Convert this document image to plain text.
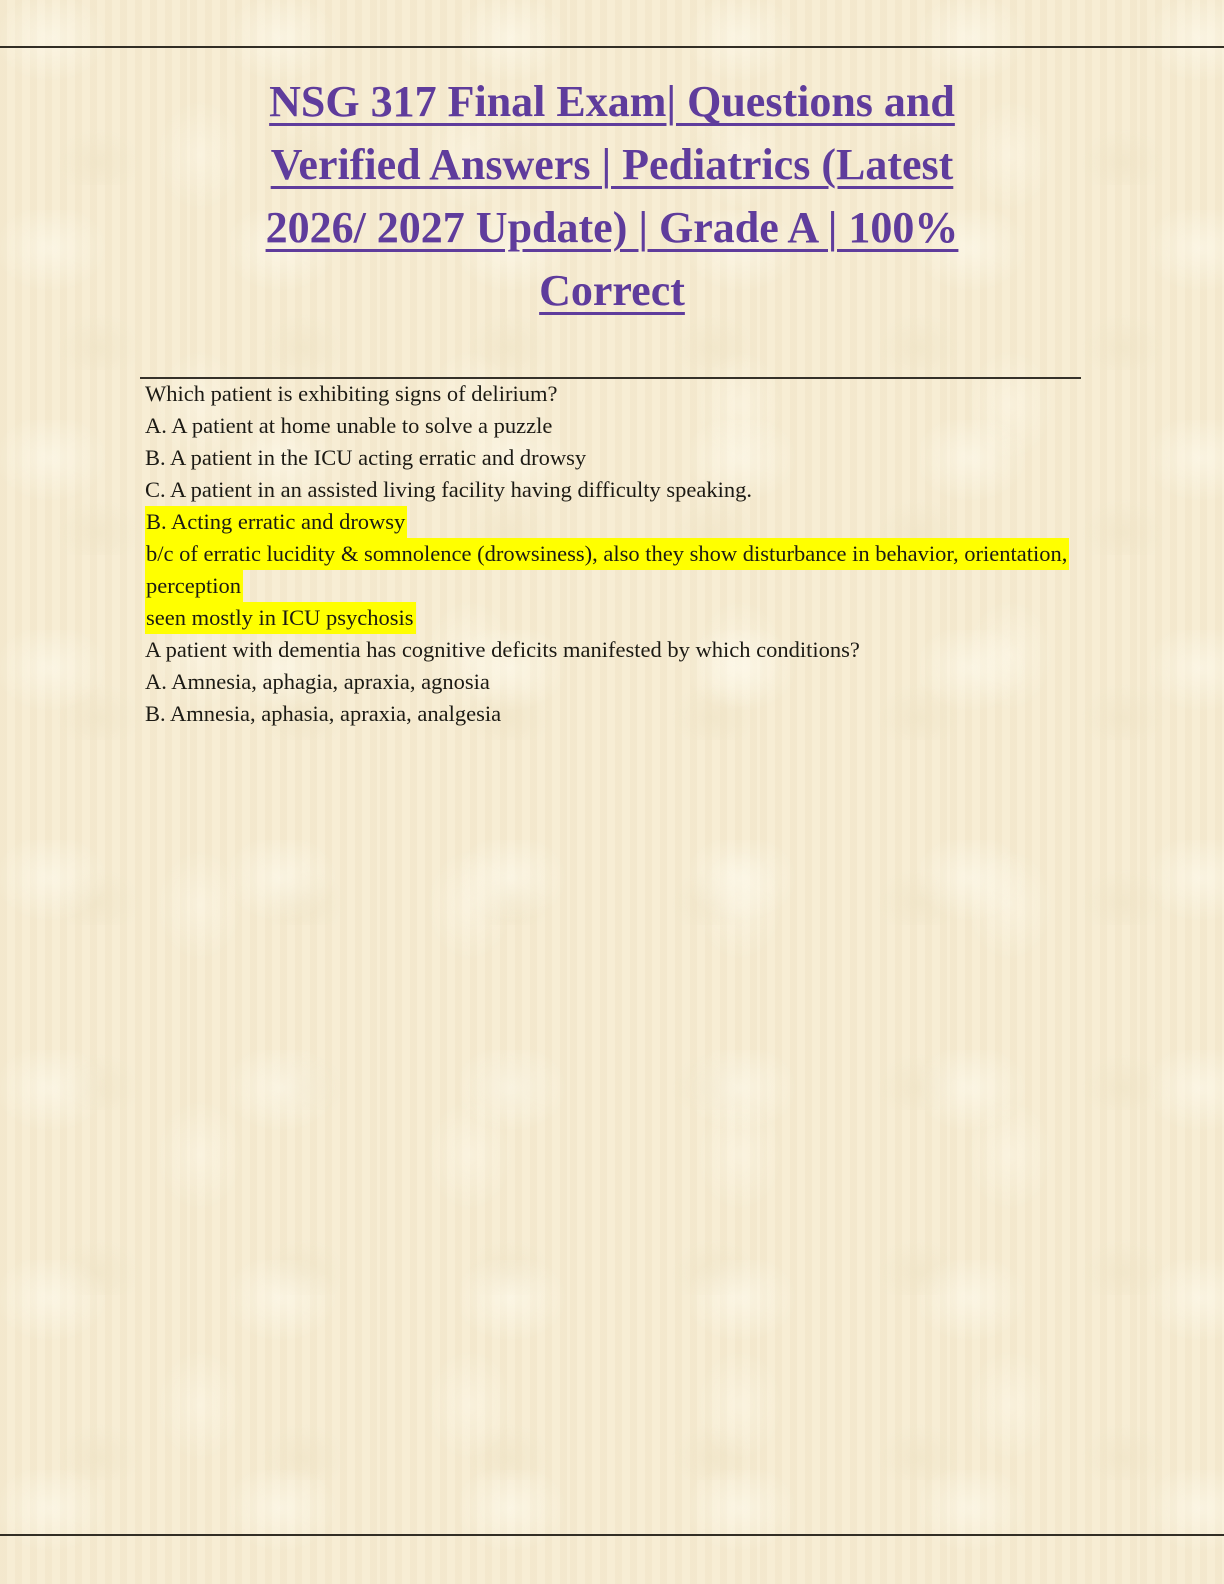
NSG 317 Final Exam| Questions and
Verified Answers | Pediatrics (Latest
2026/ 2027 Update) | Grade A | 100%
Correct

Which patient is exhibiting signs of delirium?

A. A patient at home unable to solve a puzzle

B. A patient in the ICU acting erratic and drowsy

C. A patient in an assisted living facility having difficulty speaking.

B. Acting erratic and drowsy

b/c of erratic lucidity & somnolence (drowsiness), also they show disturbance in behavior, orientation, perception

seen mostly in ICU psychosis

A patient with dementia has cognitive deficits manifested by which conditions?

A. Amnesia, aphagia, apraxia, agnosia

B. Amnesia, aphasia, apraxia, analgesia
